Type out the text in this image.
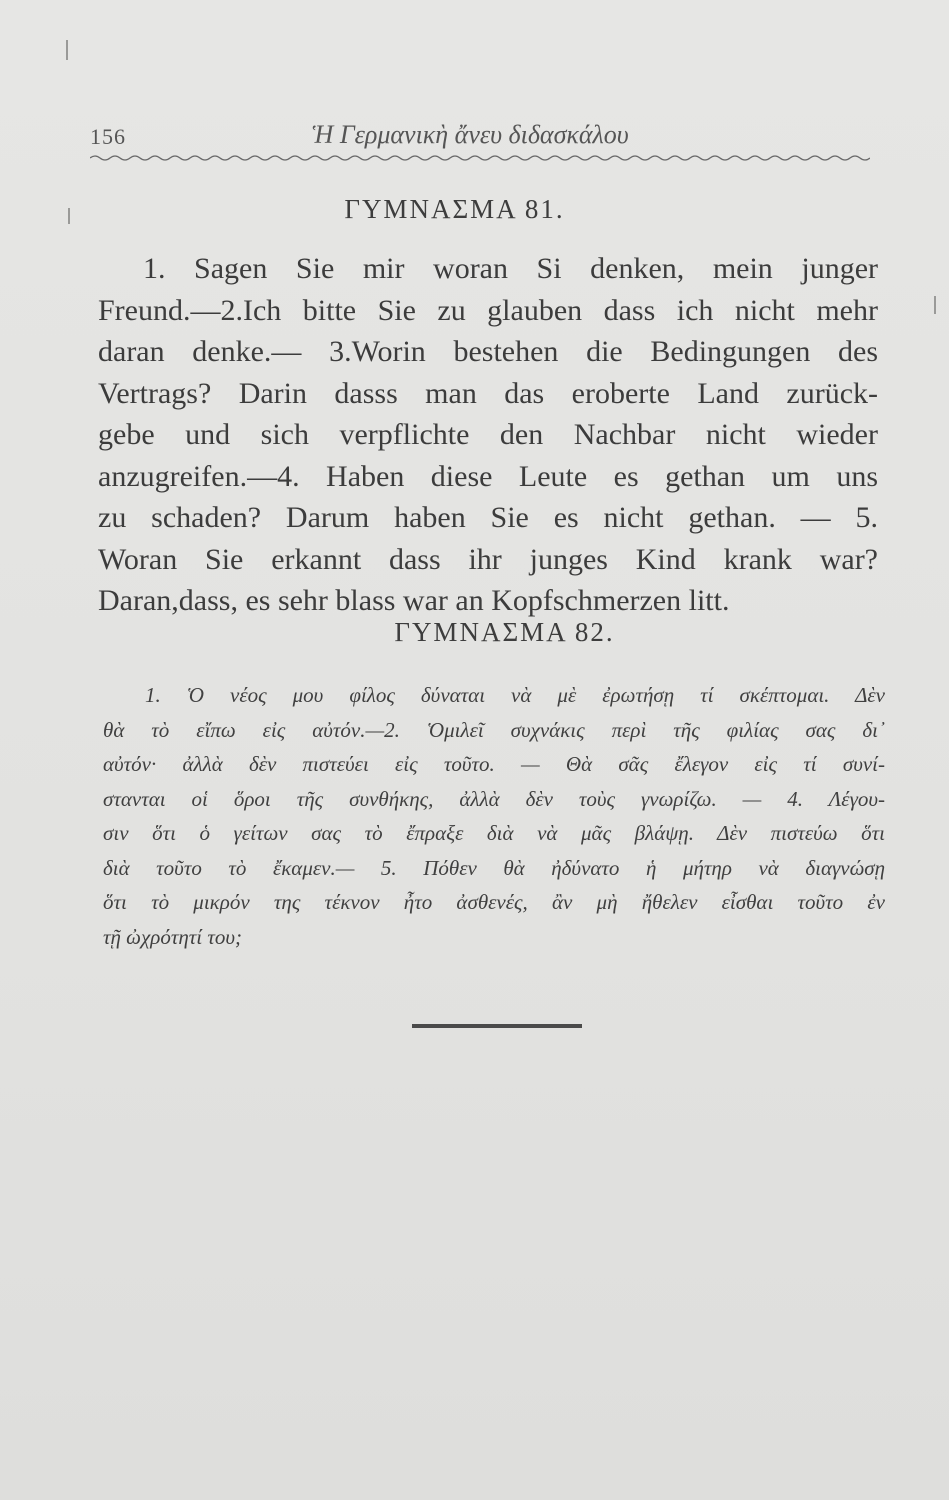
156	Ἡ Γερμανικὴ ἄνευ διδασκάλου
ΓΥΜΝΑΣΜΑ 81.
1. Sagen Sie mir woran Si denken, mein junger
Freund.—2.Ich bitte Sie zu glauben dass ich nicht mehr
daran denke.— 3.Worin bestehen die Bedingungen des
Vertrags? Darin dasss man das eroberte Land zurück-
gebe und sich verpflichte den Nachbar nicht wieder
anzugreifen.—4. Haben diese Leute es gethan um uns
zu schaden? Darum haben Sie es nicht gethan. — 5.
Woran Sie erkannt dass ihr junges Kind krank war?
Daran,dass, es sehr blass war an Kopfschmerzen litt.
ΓΥΜΝΑΣΜΑ 82.
1. Ὁ νέος μου φίλος δύναται νὰ μὲ ἐρωτήσῃ τί σκέπτομαι. Δὲν
θὰ τὸ εἴπω εἰς αὐτόν.—2. Ὁμιλεῖ συχνάκις περὶ τῆς φιλίας σας δι᾽
αὐτόν· ἀλλὰ δὲν πιστεύει εἰς τοῦτο. — Θὰ σᾶς ἔλεγον εἰς τί συνί-
στανται οἱ ὅροι τῆς συνθήκης, ἀλλὰ δὲν τοὺς γνωρίζω. — 4. Λέγου-
σιν ὅτι ὁ γείτων σας τὸ ἔπραξε διὰ νὰ μᾶς βλάψῃ. Δὲν πιστεύω ὅτι
διὰ τοῦτο τὸ ἔκαμεν.— 5. Πόθεν θὰ ἠδύνατο ἡ μήτηρ νὰ διαγνώσῃ
ὅτι τὸ μικρόν της τέκνον ἦτο ἀσθενές, ἂν μὴ ἤθελεν εἶσθαι τοῦτο ἐν
τῇ ὠχρότητί του;
